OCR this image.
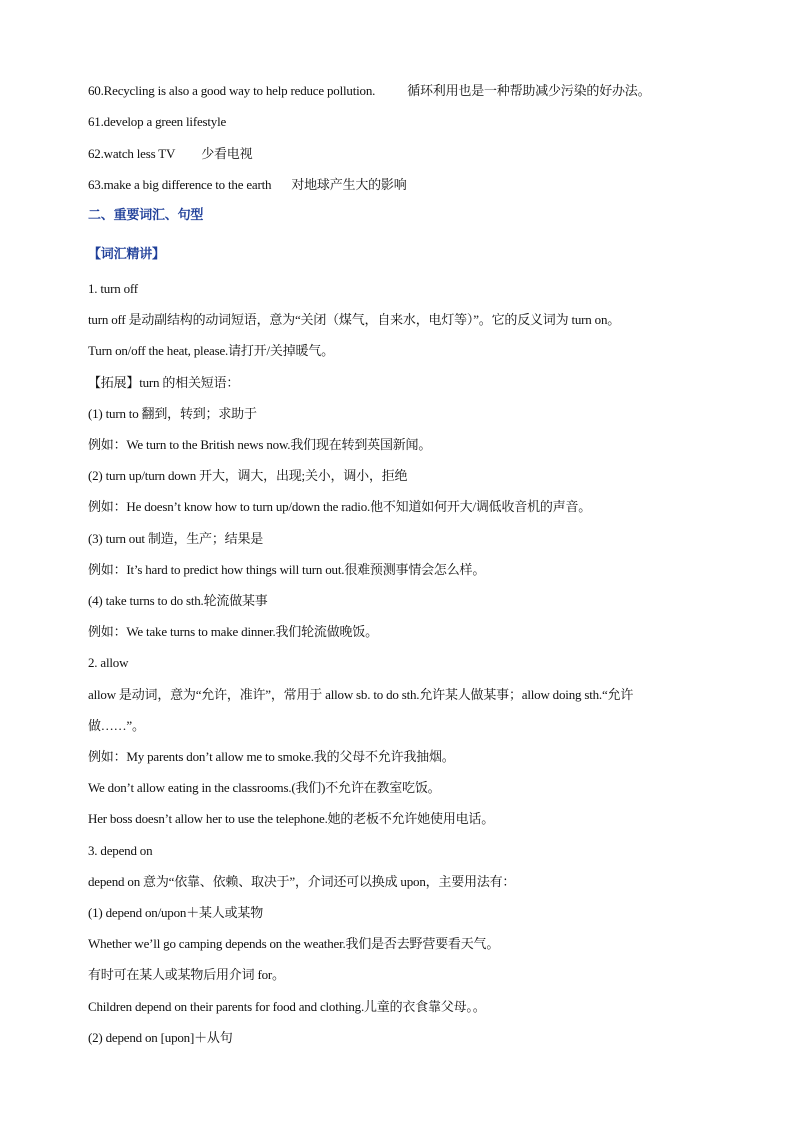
60.Recycling is also a good way to help reduce pollution. 循环利用也是一种帮助减少污染的好办法。
61.develop a green lifestyle
62.watch less TV 少看电视
63.make a big difference to the earth 对地球产生大的影响
二、重要词汇、句型
【词汇精讲】
1. turn off
turn off 是动副结构的动词短语，意为“关闭（煤气，自来水，电灯等）”。它的反义词为 turn on。
Turn on/off the heat, please.请打开/关掉暖气。
【拓展】turn 的相关短语：
(1) turn to 翻到，转到；求助于
例如：We turn to the British news now.我们现在转到英国新闻。
(2) turn up/turn down 开大，调大，出现;关小，调小，拒绝
例如：He doesn’t know how to turn up/down the radio.他不知道如何开大/调低收音机的声音。
(3) turn out 制造，生产；结果是
例如：It’s hard to predict how things will turn out.很难预测事情会怎么样。
(4) take turns to do sth.轮流做某事
例如：We take turns to make dinner.我们轮流做晚饭。
2. allow
allow 是动词，意为“允许，准许”，常用于 allow sb. to do sth.允许某人做某事；allow doing sth.“允许
做……”。
例如：My parents don’t allow me to smoke.我的父母不允许我抽烟。
We don’t allow eating in the classrooms.(我们)不允许在教室吃饭。
Her boss doesn’t allow her to use the telephone.她的老板不允许她使用电话。
3. depend on
depend on 意为“依靠、依赖、取决于”，介词还可以换成 upon，主要用法有：
(1) depend on/upon＋某人或某物
Whether we’ll go camping depends on the weather.我们是否去野营要看天气。
有时可在某人或某物后用介词 for。
Children depend on their parents for food and clothing.儿童的衣食靠父母。。
(2) depend on [upon]＋从句
